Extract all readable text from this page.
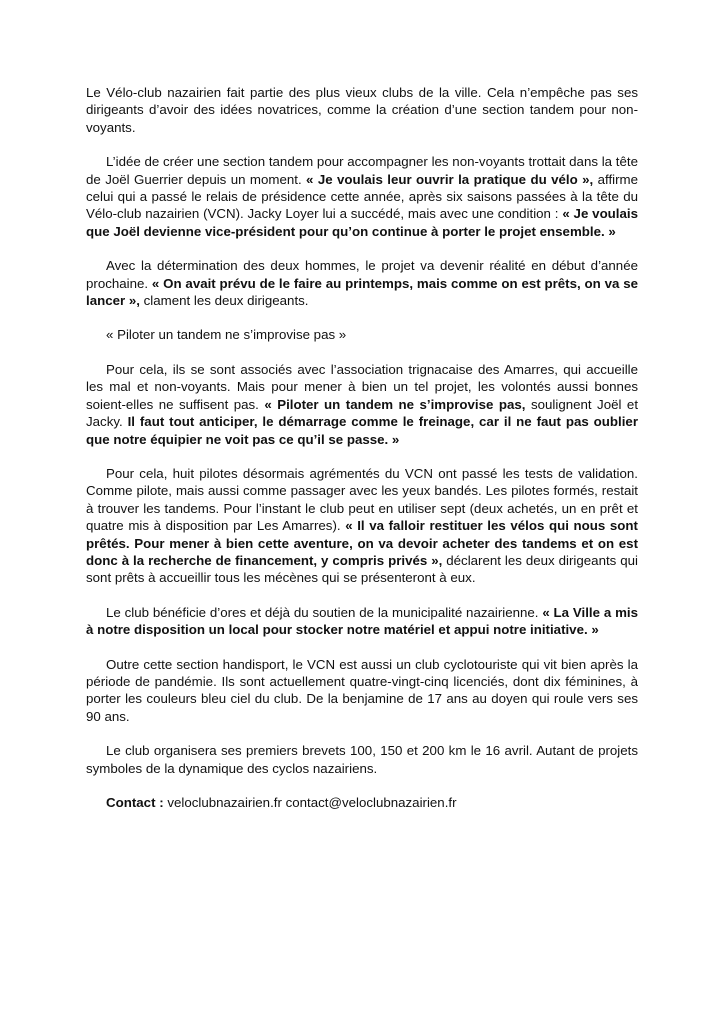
Le Vélo-club nazairien fait partie des plus vieux clubs de la ville. Cela n’empêche pas ses dirigeants d’avoir des idées novatrices, comme la création d’une section tandem pour non-voyants.

L’idée de créer une section tandem pour accompagner les non-voyants trottait dans la tête de Joël Guerrier depuis un moment. « Je voulais leur ouvrir la pratique du vélo », affirme celui qui a passé le relais de présidence cette année, après six saisons passées à la tête du Vélo-club nazairien (VCN). Jacky Loyer lui a succédé, mais avec une condition : « Je voulais que Joël devienne vice-président pour qu’on continue à porter le projet ensemble. »

Avec la détermination des deux hommes, le projet va devenir réalité en début d’année prochaine. « On avait prévu de le faire au printemps, mais comme on est prêts, on va se lancer », clament les deux dirigeants.

« Piloter un tandem ne s’improvise pas »

Pour cela, ils se sont associés avec l’association trignacaise des Amarres, qui accueille les mal et non-voyants. Mais pour mener à bien un tel projet, les volontés aussi bonnes soient-elles ne suffisent pas. « Piloter un tandem ne s’improvise pas, soulignent Joël et Jacky. Il faut tout anticiper, le démarrage comme le freinage, car il ne faut pas oublier que notre équipier ne voit pas ce qu’il se passe. »

Pour cela, huit pilotes désormais agrémentés du VCN ont passé les tests de validation. Comme pilote, mais aussi comme passager avec les yeux bandés. Les pilotes formés, restait à trouver les tandems. Pour l’instant le club peut en utiliser sept (deux achetés, un en prêt et quatre mis à disposition par Les Amarres). « Il va falloir restituer les vélos qui nous sont prêtés. Pour mener à bien cette aventure, on va devoir acheter des tandems et on est donc à la recherche de financement, y compris privés », déclarent les deux dirigeants qui sont prêts à accueillir tous les mécènes qui se présenteront à eux.

Le club bénéficie d’ores et déjà du soutien de la municipalité nazairienne. « La Ville a mis à notre disposition un local pour stocker notre matériel et appui notre initiative. »

Outre cette section handisport, le VCN est aussi un club cyclotouriste qui vit bien après la période de pandémie. Ils sont actuellement quatre-vingt-cinq licenciés, dont dix féminines, à porter les couleurs bleu ciel du club. De la benjamine de 17 ans au doyen qui roule vers ses 90 ans.

Le club organisera ses premiers brevets 100, 150 et 200 km le 16 avril. Autant de projets symboles de la dynamique des cyclos nazairiens.

Contact : veloclubnazairien.fr contact@veloclubnazairien.fr
